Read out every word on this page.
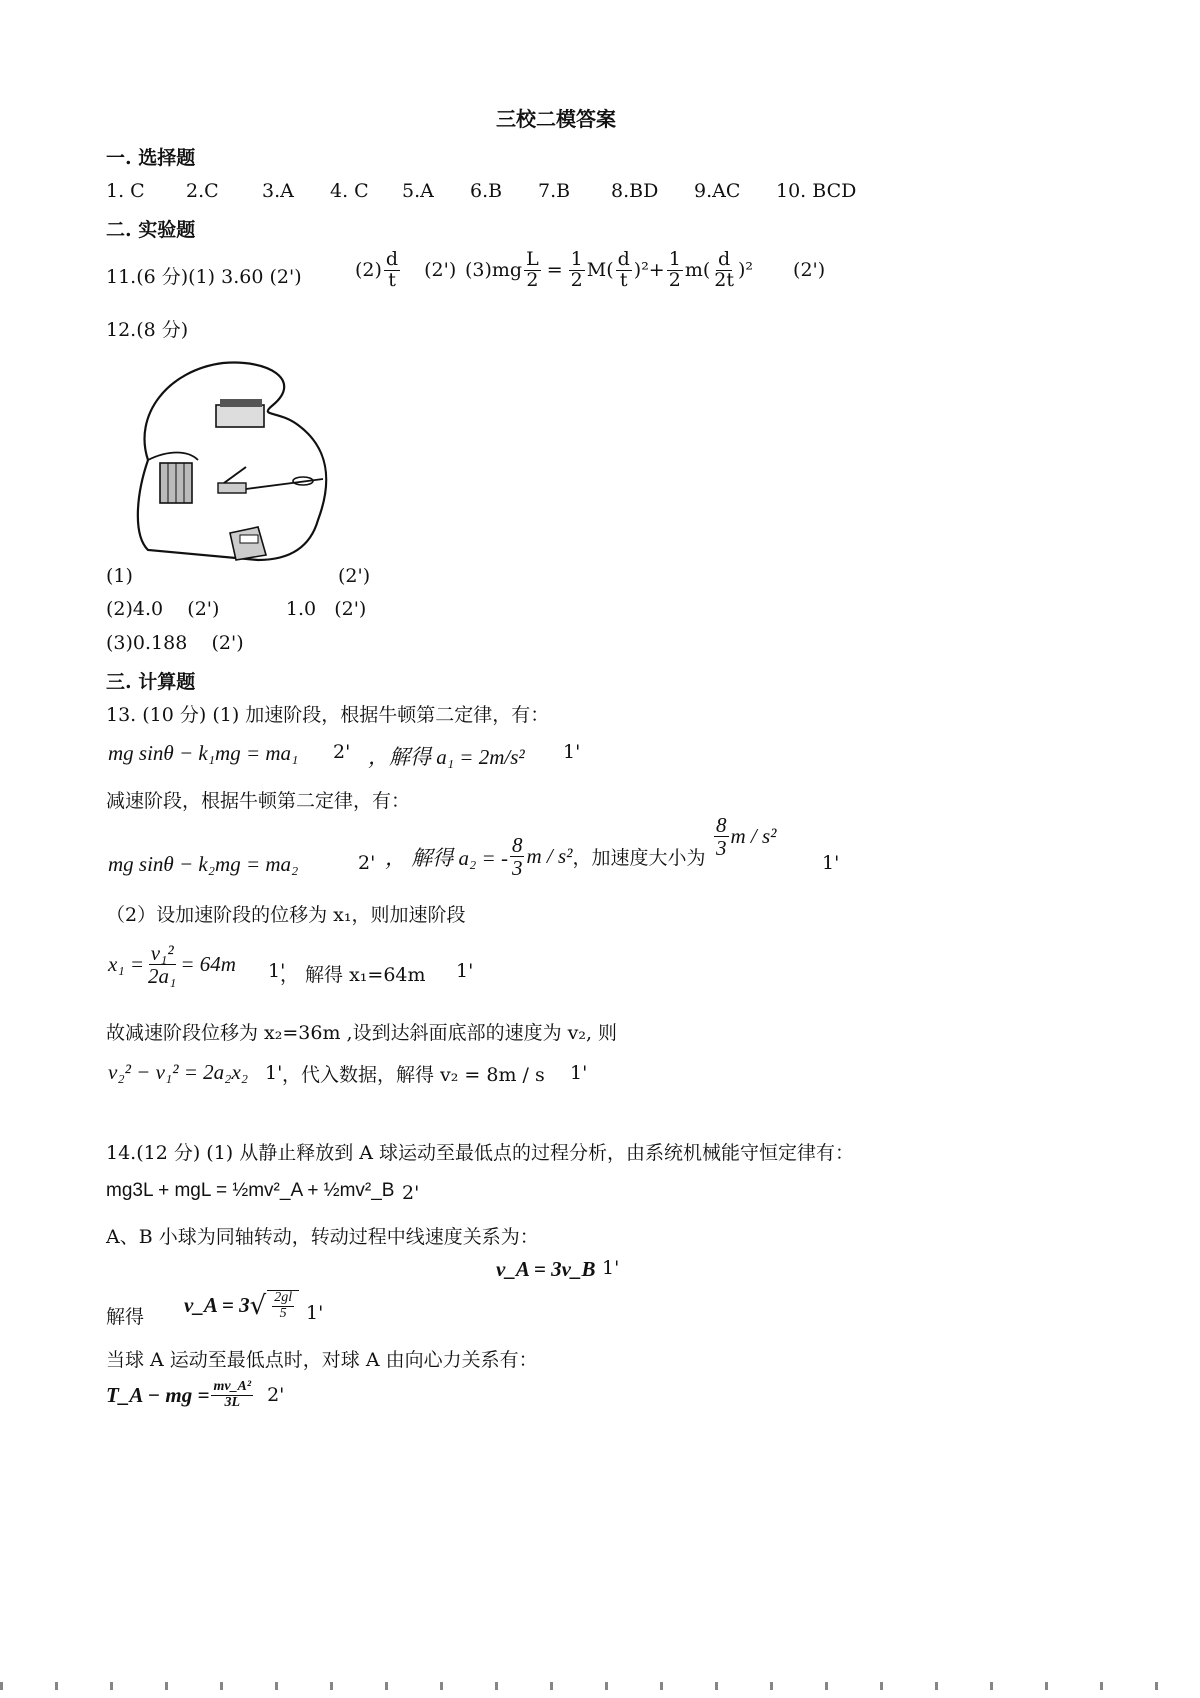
三校二模答案
一. 选择题
1. C 2.C 3.A 4. C 5.A 6.B 7.B 8.BD 9.AC 10. BCD
二. 实验题
11.(6 分)(1) 3.60 (2')	$(2) \frac{d}{t} (2')$ $(3)mg \frac{L}{2} = \frac{1}{2} M( \frac{d}{t} )^2+ \frac{1}{2} m( \frac{d}{2t} )^2$ (2')
12.(8 分)
(1)	(2')
(2)4.0    (2')           1.0   (2')
(3)0.188    (2')
三. 计算题
13. (10 分) (1) 加速阶段，根据牛顿第二定律，有：
mg sinθ − k₁mg = ma₁ 2' ，解得 a₁ = 2m/s² 1'
减速阶段，根据牛顿第二定律，有：
mg sinθ − k₂mg = ma₂	2' ， 解得 a₂ = - $\frac{8}{3}$ m / s² ，加速度大小为 $\frac{8}{3}$ m / s²
1'
（2）设加速阶段的位移为 x₁，则加速阶段
$x_1 = \frac{\text{v₁²}}{\text{2a₁}} = 64m$ 1'
， 解得 x₁=64m 1'
故减速阶段位移为 x₂=36m ,设到达斜面底部的速度为 v₂, 则
v₂² − v₁² = 2a₂x₂ 1' ，代入数据，解得 v₂ = 8m / s 1'
14.(12 分) (1) 从静止释放到 A 球运动至最低点的过程分析，由系统机械能守恒定律有：
mg3L + mgL = ½mv²_A + ½mv²_B 2'
A、B 小球为同轴转动，转动过程中线速度关系为：
v_A = 3v_B 1'
解得 v_A = 3 √ $\frac{2gl}{5} 1'$
当球 A 运动至最低点时，对球 A 由向心力关系有：
T_A − mg = $\frac{\text{mv\_A²}}{3L} 2'$
